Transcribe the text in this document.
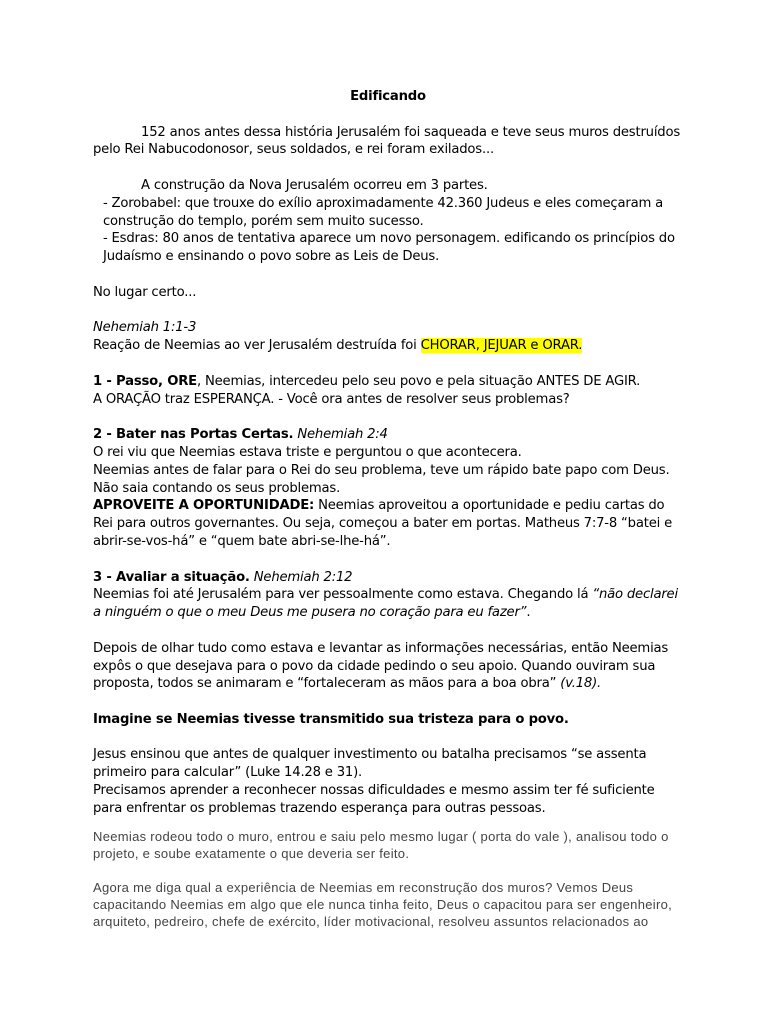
Edificando

152 anos antes dessa história Jerusalém foi saqueada e teve seus muros destruídos pelo Rei Nabucodonosor, seus soldados, e rei foram exilados...

A construção da Nova Jerusalém ocorreu em 3 partes.

- Zorobabel: que trouxe do exílio aproximadamente 42.360 Judeus e eles começaram a construção do templo, porém sem muito sucesso.

- Esdras: 80 anos de tentativa aparece um novo personagem. edificando os princípios do Judaísmo e ensinando o povo sobre as Leis de Deus.

No lugar certo...

Nehemiah 1:1-3

Reação de Neemias ao ver Jerusalém destruída foi CHORAR, JEJUAR e ORAR.

1 - Passo, ORE, Neemias, intercedeu pelo seu povo e pela situação ANTES DE AGIR.

A ORAÇÃO traz ESPERANÇA. - Você ora antes de resolver seus problemas?

2 - Bater nas Portas Certas. Nehemiah 2:4

O rei viu que Neemias estava triste e perguntou o que acontecera.

Neemias antes de falar para o Rei do seu problema, teve um rápido bate papo com Deus.

Não saia contando os seus problemas.

APROVEITE A OPORTUNIDADE: Neemias aproveitou a oportunidade e pediu cartas do Rei para outros governantes. Ou seja, começou a bater em portas. Matheus 7:7-8 “batei e abrir-se-vos-há” e “quem bate abri-se-lhe-há”.

3 - Avaliar a situação. Nehemiah 2:12

Neemias foi até Jerusalém para ver pessoalmente como estava. Chegando lá “não declarei a ninguém o que o meu Deus me pusera no coração para eu fazer”.

Depois de olhar tudo como estava e levantar as informações necessárias, então Neemias expôs o que desejava para o povo da cidade pedindo o seu apoio. Quando ouviram sua proposta, todos se animaram e “fortaleceram as mãos para a boa obra” (v.18).

Imagine se Neemias tivesse transmitido sua tristeza para o povo.

Jesus ensinou que antes de qualquer investimento ou batalha precisamos “se assenta primeiro para calcular” (Luke 14.28 e 31).

Precisamos aprender a reconhecer nossas dificuldades e mesmo assim ter fé suficiente para enfrentar os problemas trazendo esperança para outras pessoas.

Neemias rodeou todo o muro, entrou e saiu pelo mesmo lugar ( porta do vale ), analisou todo o projeto, e soube exatamente o que deveria ser feito.

Agora me diga qual a experiência de Neemias em reconstrução dos muros? Vemos Deus capacitando Neemias em algo que ele nunca tinha feito, Deus o capacitou para ser engenheiro, arquiteto, pedreiro, chefe de exército, líder motivacional, resolveu assuntos relacionados ao
